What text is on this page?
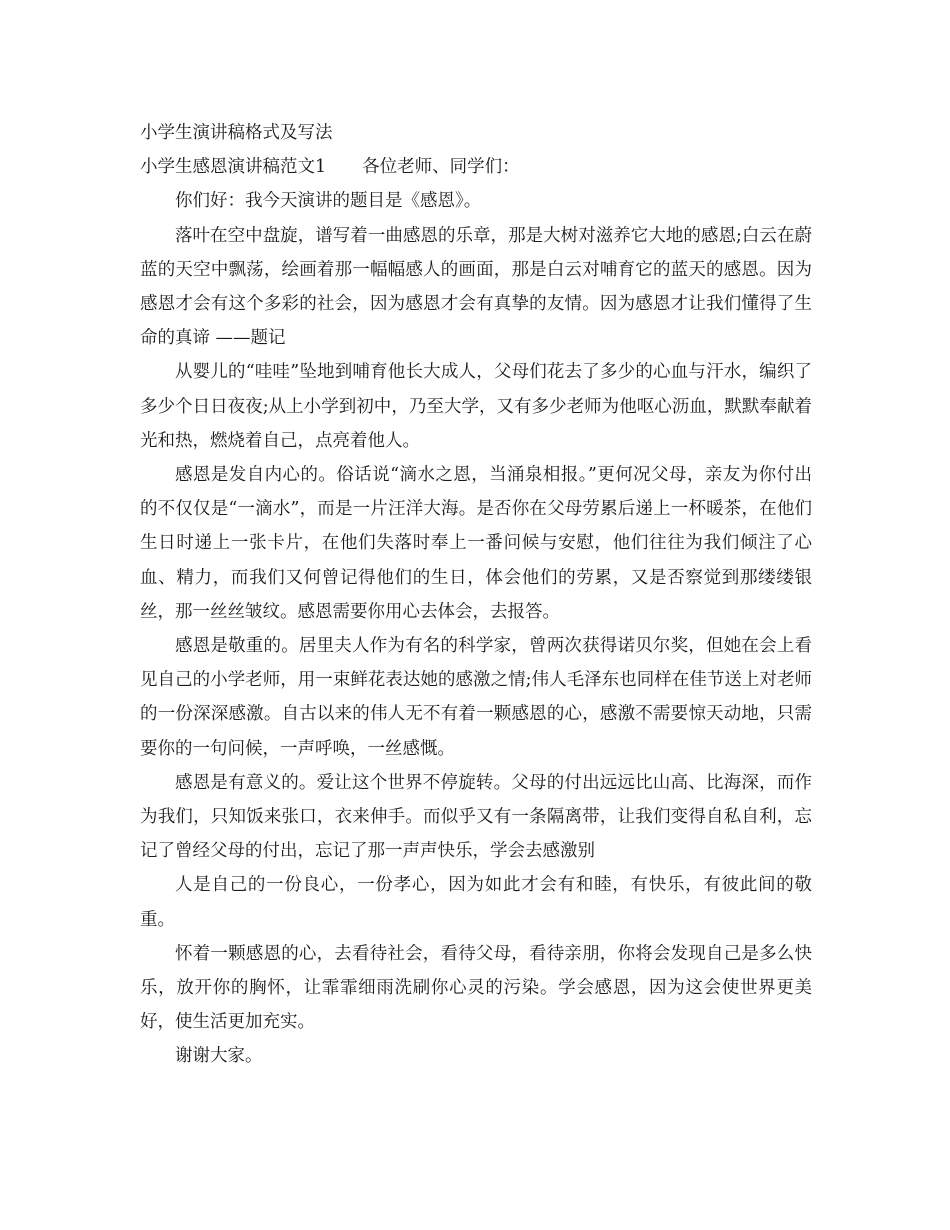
小学生演讲稿格式及写法

小学生感恩演讲稿范文1 各位老师、同学们：

你们好：我今天演讲的题目是《感恩》。

落叶在空中盘旋，谱写着一曲感恩的乐章，那是大树对滋养它大地的感恩;白云在蔚蓝的天空中飘荡，绘画着那一幅幅感人的画面，那是白云对哺育它的蓝天的感恩。因为感恩才会有这个多彩的社会，因为感恩才会有真挚的友情。因为感恩才让我们懂得了生命的真谛 ——题记

从婴儿的“哇哇”坠地到哺育他长大成人，父母们花去了多少的心血与汗水，编织了多少个日日夜夜;从上小学到初中，乃至大学，又有多少老师为他呕心沥血，默默奉献着光和热，燃烧着自己，点亮着他人。

感恩是发自内心的。俗话说“滴水之恩，当涌泉相报。”更何况父母，亲友为你付出的不仅仅是“一滴水”，而是一片汪洋大海。是否你在父母劳累后递上一杯暖茶，在他们生日时递上一张卡片，在他们失落时奉上一番问候与安慰，他们往往为我们倾注了心血、精力，而我们又何曾记得他们的生日，体会他们的劳累，又是否察觉到那缕缕银丝，那一丝丝皱纹。感恩需要你用心去体会，去报答。

感恩是敬重的。居里夫人作为有名的科学家，曾两次获得诺贝尔奖，但她在会上看见自己的小学老师，用一束鲜花表达她的感激之情;伟人毛泽东也同样在佳节送上对老师的一份深深感激。自古以来的伟人无不有着一颗感恩的心，感激不需要惊天动地，只需要你的一句问候，一声呼唤，一丝感慨。

感恩是有意义的。爱让这个世界不停旋转。父母的付出远远比山高、比海深，而作为我们，只知饭来张口，衣来伸手。而似乎又有一条隔离带，让我们变得自私自利，忘记了曾经父母的付出，忘记了那一声声快乐，学会去感激别

人是自己的一份良心，一份孝心，因为如此才会有和睦，有快乐，有彼此间的敬重。

怀着一颗感恩的心，去看待社会，看待父母，看待亲朋，你将会发现自己是多么快乐，放开你的胸怀，让霏霏细雨洗刷你心灵的污染。学会感恩，因为这会使世界更美好，使生活更加充实。

谢谢大家。
